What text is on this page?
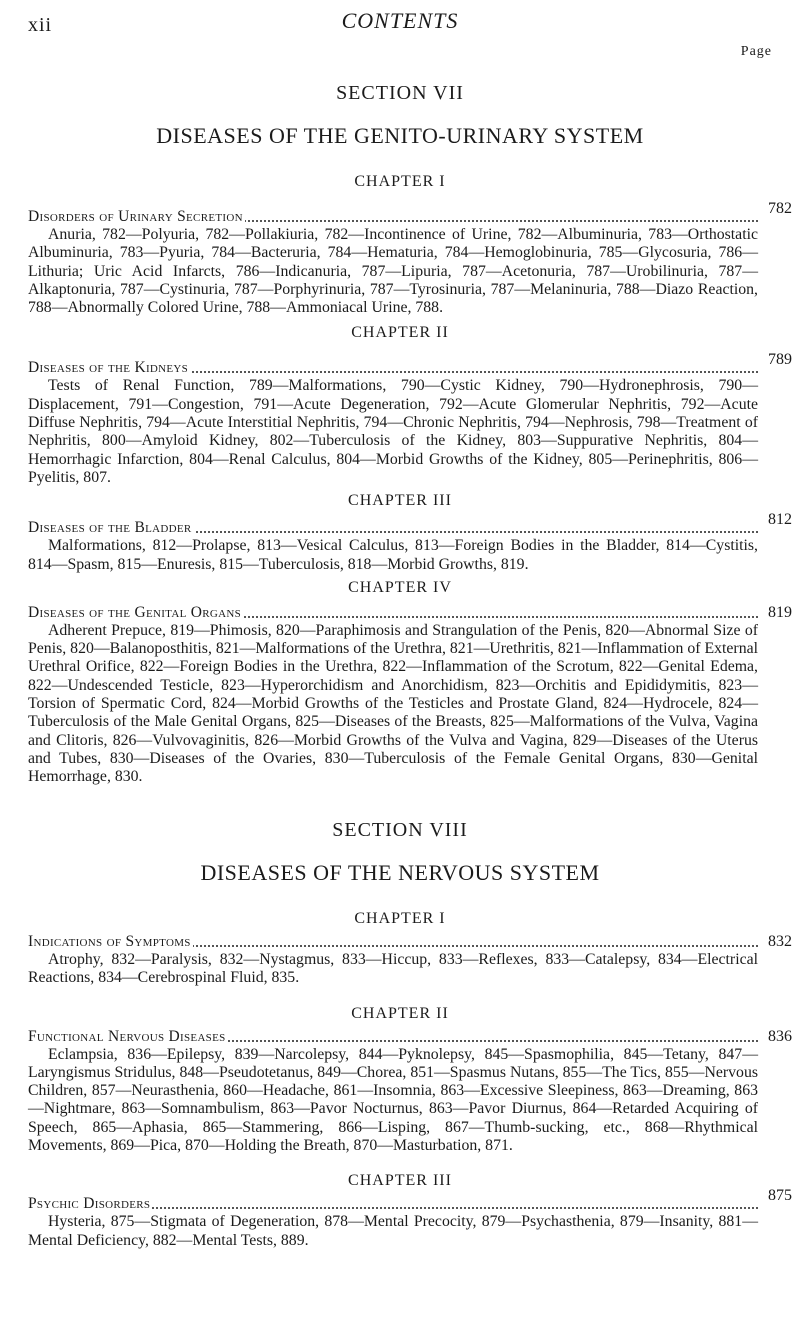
xii	CONTENTS
Page
SECTION VII
DISEASES OF THE GENITO-URINARY SYSTEM
CHAPTER I
Disorders of Urinary Secretion	782

Anuria, 782—Polyuria, 782—Pollakiuria, 782—Incontinence of Urine, 782—Albuminuria, 783—Orthostatic Albuminuria, 783—Pyuria, 784—Bacteruria, 784—Hematuria, 784—Hemoglobinuria, 785—Glycosuria, 786—Lithuria; Uric Acid Infarcts, 786—Indicanuria, 787—Lipuria, 787—Acetonuria, 787—Urobilinuria, 787—Alkaptonuria, 787—Cystinuria, 787—Porphyrinuria, 787—Tyrosinuria, 787—Melaninuria, 788—Diazo Reaction, 788—Abnormally Colored Urine, 788—Ammoniacal Urine, 788.

CHAPTER II
Diseases of the Kidneys	789

Tests of Renal Function, 789—Malformations, 790—Cystic Kidney, 790—Hydronephrosis, 790—Displacement, 791—Congestion, 791—Acute Degeneration, 792—Acute Glomerular Nephritis, 792—Acute Diffuse Nephritis, 794—Acute Interstitial Nephritis, 794—Chronic Nephritis, 794—Nephrosis, 798—Treatment of Nephritis, 800—Amyloid Kidney, 802—Tuberculosis of the Kidney, 803—Suppurative Nephritis, 804—Hemorrhagic Infarction, 804—Renal Calculus, 804—Morbid Growths of the Kidney, 805—Perinephritis, 806—Pyelitis, 807.

CHAPTER III
Diseases of the Bladder	812

Malformations, 812—Prolapse, 813—Vesical Calculus, 813—Foreign Bodies in the Bladder, 814—Cystitis, 814—Spasm, 815—Enuresis, 815—Tuberculosis, 818—Morbid Growths, 819.

CHAPTER IV
Diseases of the Genital Organs	819

Adherent Prepuce, 819—Phimosis, 820—Paraphimosis and Strangulation of the Penis, 820—Abnormal Size of Penis, 820—Balanoposthitis, 821—Malformations of the Urethra, 821—Urethritis, 821—Inflammation of External Urethral Orifice, 822—Foreign Bodies in the Urethra, 822—Inflammation of the Scrotum, 822—Genital Edema, 822—Undescended Testicle, 823—Hyperorchidism and Anorchidism, 823—Orchitis and Epididymitis, 823—Torsion of Spermatic Cord, 824—Morbid Growths of the Testicles and Prostate Gland, 824—Hydrocele, 824—Tuberculosis of the Male Genital Organs, 825—Diseases of the Breasts, 825—Malformations of the Vulva, Vagina and Clitoris, 826—Vulvovaginitis, 826—Morbid Growths of the Vulva and Vagina, 829—Diseases of the Uterus and Tubes, 830—Diseases of the Ovaries, 830—Tuberculosis of the Female Genital Organs, 830—Genital Hemorrhage, 830.

SECTION VIII
DISEASES OF THE NERVOUS SYSTEM
CHAPTER I
Indications of Symptoms	832

Atrophy, 832—Paralysis, 832—Nystagmus, 833—Hiccup, 833—Reflexes, 833—Catalepsy, 834—Electrical Reactions, 834—Cerebrospinal Fluid, 835.

CHAPTER II
Functional Nervous Diseases	836

Eclampsia, 836—Epilepsy, 839—Narcolepsy, 844—Pyknolepsy, 845—Spasmophilia, 845—Tetany, 847—Laryngismus Stridulus, 848—Pseudotetanus, 849—Chorea, 851—Spasmus Nutans, 855—The Tics, 855—Nervous Children, 857—Neurasthenia, 860—Headache, 861—Insomnia, 863—Excessive Sleepiness, 863—Dreaming, 863—Nightmare, 863—Somnambulism, 863—Pavor Nocturnus, 863—Pavor Diurnus, 864—Retarded Acquiring of Speech, 865—Aphasia, 865—Stammering, 866—Lisping, 867—Thumb-sucking, etc., 868—Rhythmical Movements, 869—Pica, 870—Holding the Breath, 870—Masturbation, 871.

CHAPTER III
Psychic Disorders	875

Hysteria, 875—Stigmata of Degeneration, 878—Mental Precocity, 879—Psychasthenia, 879—Insanity, 881—Mental Deficiency, 882—Mental Tests, 889.
